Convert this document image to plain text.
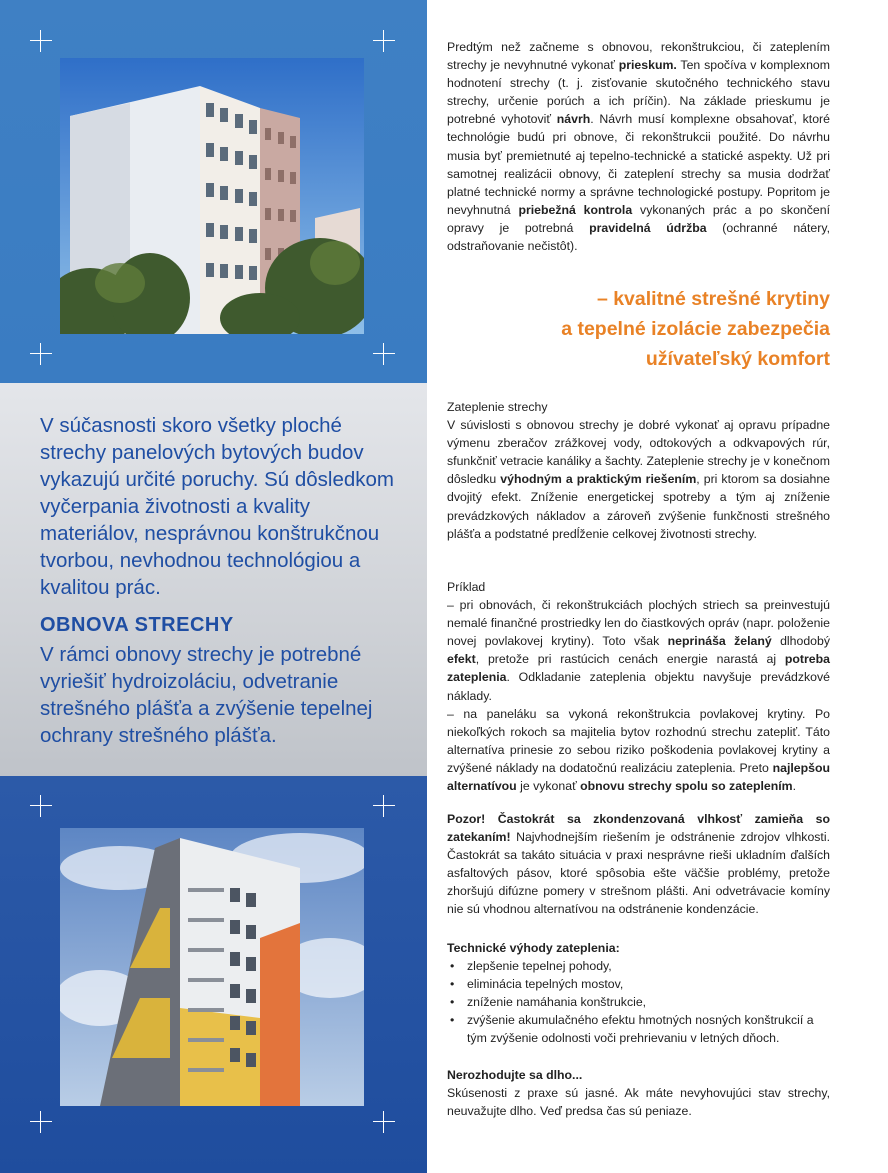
V súčasnosti skoro všetky ploché strechy panelových bytových budov vykazujú určité poruchy. Sú dôsledkom vyčerpania životnosti a kvality materiálov, nesprávnou konštrukčnou tvorbou, nevhodnou technológiou a kvalitou prác.

OBNOVA STRECHY

V rámci obnovy strechy je potrebné vyriešiť hydroizoláciu, odvetranie strešného plášťa a zvýšenie tepelnej ochrany strešného plášťa.

Predtým než začneme s obnovou, rekonštrukciou, či zateplením strechy je nevyhnutné vykonať prieskum. Ten spočíva v komplexnom hodnotení strechy (t. j. zisťovanie skutočného technického stavu strechy, určenie porúch a ich príčin). Na základe prieskumu je potrebné vyhotoviť návrh. Návrh musí komplexne obsahovať, ktoré technológie budú pri obnove, či rekonštrukcii použité. Do návrhu musia byť premietnuté aj tepelno-technické a statické aspekty. Už pri samotnej realizácii obnovy, či zateplení strechy sa musia dodržať platné technické normy a správne technologické postupy. Popritom je nevyhnutná priebežná kontrola vykonaných prác a po skončení opravy je potrebná pravidelná údržba (ochranné nátery, odstraňovanie nečistôt).

– kvalitné strešné krytiny
a tepelné izolácie zabezpečia
užívateľský komfort
Zateplenie strechy

V súvislosti s obnovou strechy je dobré vykonať aj opravu prípadne výmenu zberačov zrážkovej vody, odtokových a odkvapových rúr, sfunkčniť vetracie kanáliky a šachty. Zateplenie strechy je v konečnom dôsledku výhodným a praktickým riešením, pri ktorom sa dosiahne dvojitý efekt. Zníženie energetickej spotreby a tým aj zníženie prevádzkových nákladov a zároveň zvýšenie funkčnosti strešného plášťa a podstatné predĺženie celkovej životnosti strechy.

Príklad

– pri obnovách, či rekonštrukciách plochých striech sa preinvestujú nemalé finančné prostriedky len do čiastkových opráv (napr. položenie novej povlakovej krytiny). Toto však neprináša želaný dlhodobý efekt, pretože pri rastúcich cenách energie narastá aj potreba zateplenia. Odkladanie zateplenia objektu navyšuje prevádzkové náklady.

– na paneláku sa vykoná rekonštrukcia povlakovej krytiny. Po niekoľkých rokoch sa majitelia bytov rozhodnú strechu zatepliť. Táto alternatíva prinesie zo sebou riziko poškodenia povlakovej krytiny a zvýšené náklady na dodatočnú realizáciu zateplenia. Preto najlepšou alternatívou je vykonať obnovu strechy spolu so zateplením.

Pozor! Častokrát sa zkondenzovaná vlhkosť zamieňa so zatekaním! Najvhodnejším riešením je odstránenie zdrojov vlhkosti. Častokrát sa takáto situácia v praxi nesprávne rieši ukladním ďalších asfaltových pásov, ktoré spôsobia ešte väčšie problémy, pretože zhoršujú difúzne pomery v strešnom plášti. Ani odvetrávacie komíny nie sú vhodnou alternatívou na odstránenie kondenzácie.

Technické výhody zateplenia:
• zlepšenie tepelnej pohody,
• eliminácia tepelných mostov,
• zníženie namáhania konštrukcie,
• zvýšenie akumulačného efektu hmotných nosných konštrukcií a tým zvýšenie odolnosti voči prehrievaniu v letných dňoch.
Nerozhodujte sa dlho...

Skúsenosti z praxe sú jasné. Ak máte nevyhovujúci stav strechy, neuvažujte dlho. Veď predsa čas sú peniaze.
